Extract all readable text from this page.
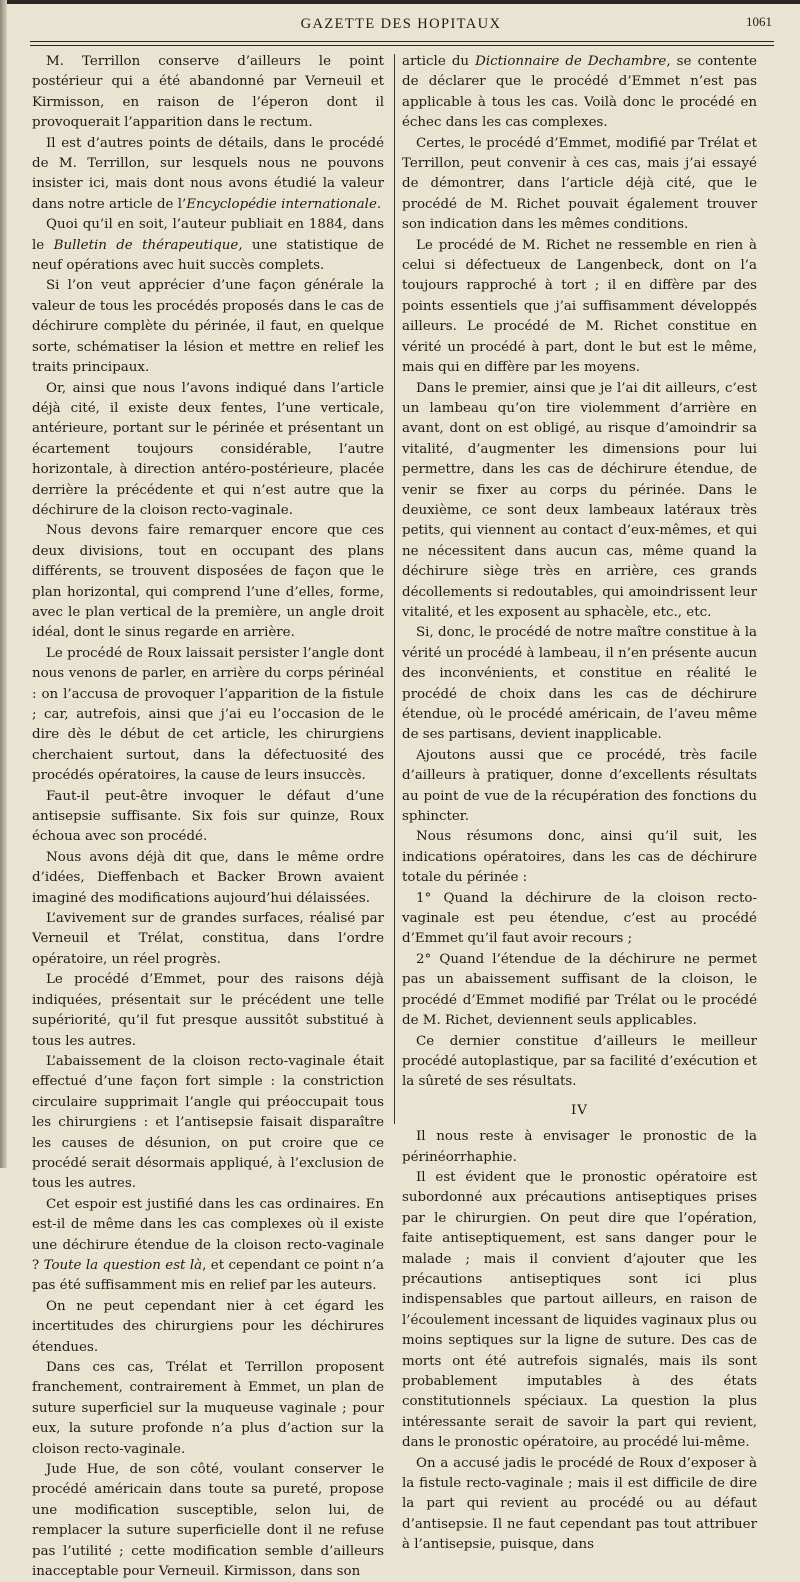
GAZETTE DES HOPITAUX	1061

M. Terrillon conserve d’ailleurs le point postérieur qui a été abandonné par Verneuil et Kirmisson, en raison de l’éperon dont il provoquerait l’apparition dans le rectum.

Il est d’autres points de détails, dans le procédé de M. Terrillon, sur lesquels nous ne pouvons insister ici, mais dont nous avons étudié la valeur dans notre article de l’Encyclopédie internationale.

Quoi qu’il en soit, l’auteur publiait en 1884, dans le Bulletin de thérapeutique, une statistique de neuf opérations avec huit succès complets.

Si l’on veut apprécier d’une façon générale la valeur de tous les procédés proposés dans le cas de déchirure complète du périnée, il faut, en quelque sorte, schématiser la lésion et mettre en relief les traits principaux.

Or, ainsi que nous l’avons indiqué dans l’article déjà cité, il existe deux fentes, l’une verticale, antérieure, portant sur le périnée et présentant un écartement toujours considérable, l’autre horizontale, à direction antéro-postérieure, placée derrière la précédente et qui n’est autre que la déchirure de la cloison recto-vaginale.

Nous devons faire remarquer encore que ces deux divisions, tout en occupant des plans différents, se trouvent disposées de façon que le plan horizontal, qui comprend l’une d’elles, forme, avec le plan vertical de la première, un angle droit idéal, dont le sinus regarde en arrière.

Le procédé de Roux laissait persister l’angle dont nous venons de parler, en arrière du corps périnéal : on l’accusa de provoquer l’apparition de la fistule ; car, autrefois, ainsi que j’ai eu l’occasion de le dire dès le début de cet article, les chirurgiens cherchaient surtout, dans la défectuosité des procédés opératoires, la cause de leurs insuccès.

Faut-il peut-être invoquer le défaut d’une antisepsie suffisante. Six fois sur quinze, Roux échoua avec son procédé.

Nous avons déjà dit que, dans le même ordre d’idées, Dieffenbach et Backer Brown avaient imaginé des modifications aujourd’hui délaissées.

L’avivement sur de grandes surfaces, réalisé par Verneuil et Trélat, constitua, dans l’ordre opératoire, un réel progrès.

Le procédé d’Emmet, pour des raisons déjà indiquées, présentait sur le précédent une telle supériorité, qu’il fut presque aussitôt substitué à tous les autres.

L’abaissement de la cloison recto-vaginale était effectué d’une façon fort simple : la constriction circulaire supprimait l’angle qui préoccupait tous les chirurgiens : et l’antisepsie faisait disparaître les causes de désunion, on put croire que ce procédé serait désormais appliqué, à l’exclusion de tous les autres.

Cet espoir est justifié dans les cas ordinaires. En est-il de même dans les cas complexes où il existe une déchirure étendue de la cloison recto-vaginale ? Toute la question est là, et cependant ce point n’a pas été suffisamment mis en relief par les auteurs.

On ne peut cependant nier à cet égard les incertitudes des chirurgiens pour les déchirures étendues.

Dans ces cas, Trélat et Terrillon proposent franchement, contrairement à Emmet, un plan de suture superficiel sur la muqueuse vaginale ; pour eux, la suture profonde n’a plus d’action sur la cloison recto-vaginale.

Jude Hue, de son côté, voulant conserver le procédé américain dans toute sa pureté, propose une modification susceptible, selon lui, de remplacer la suture superficielle dont il ne refuse pas l’utilité ; cette modification semble d’ailleurs inacceptable pour Verneuil. Kirmisson, dans son

article du Dictionnaire de Dechambre, se contente de déclarer que le procédé d’Emmet n’est pas applicable à tous les cas. Voilà donc le procédé en échec dans les cas complexes.

Certes, le procédé d’Emmet, modifié par Trélat et Terrillon, peut convenir à ces cas, mais j’ai essayé de démontrer, dans l’article déjà cité, que le procédé de M. Richet pouvait également trouver son indication dans les mêmes conditions.

Le procédé de M. Richet ne ressemble en rien à celui si défectueux de Langenbeck, dont on l’a toujours rapproché à tort ; il en diffère par des points essentiels que j’ai suffisamment développés ailleurs. Le procédé de M. Richet constitue en vérité un procédé à part, dont le but est le même, mais qui en diffère par les moyens.

Dans le premier, ainsi que je l’ai dit ailleurs, c’est un lambeau qu’on tire violemment d’arrière en avant, dont on est obligé, au risque d’amoindrir sa vitalité, d’augmenter les dimensions pour lui permettre, dans les cas de déchirure étendue, de venir se fixer au corps du périnée. Dans le deuxième, ce sont deux lambeaux latéraux très petits, qui viennent au contact d’eux-mêmes, et qui ne nécessitent dans aucun cas, même quand la déchirure siège très en arrière, ces grands décollements si redoutables, qui amoindrissent leur vitalité, et les exposent au sphacèle, etc., etc.

Si, donc, le procédé de notre maître constitue à la vérité un procédé à lambeau, il n’en présente aucun des inconvénients, et constitue en réalité le procédé de choix dans les cas de déchirure étendue, où le procédé américain, de l’aveu même de ses partisans, devient inapplicable.

Ajoutons aussi que ce procédé, très facile d’ailleurs à pratiquer, donne d’excellents résultats au point de vue de la récupération des fonctions du sphincter.

Nous résumons donc, ainsi qu’il suit, les indications opératoires, dans les cas de déchirure totale du périnée :

1° Quand la déchirure de la cloison recto-vaginale est peu étendue, c’est au procédé d’Emmet qu’il faut avoir recours ;

2° Quand l’étendue de la déchirure ne permet pas un abaissement suffisant de la cloison, le procédé d’Emmet modifié par Trélat ou le procédé de M. Richet, deviennent seuls applicables.

Ce dernier constitue d’ailleurs le meilleur procédé autoplastique, par sa facilité d’exécution et la sûreté de ses résultats.

IV

Il nous reste à envisager le pronostic de la périnéorrhaphie.

Il est évident que le pronostic opératoire est subordonné aux précautions antiseptiques prises par le chirurgien. On peut dire que l’opération, faite antiseptiquement, est sans danger pour le malade ; mais il convient d’ajouter que les précautions antiseptiques sont ici plus indispensables que partout ailleurs, en raison de l’écoulement incessant de liquides vaginaux plus ou moins septiques sur la ligne de suture. Des cas de morts ont été autrefois signalés, mais ils sont probablement imputables à des états constitutionnels spéciaux. La question la plus intéressante serait de savoir la part qui revient, dans le pronostic opératoire, au procédé lui-même.

On a accusé jadis le procédé de Roux d’exposer à la fistule recto-vaginale ; mais il est difficile de dire la part qui revient au procédé ou au défaut d’antisepsie. Il ne faut cependant pas tout attribuer à l’antisepsie, puisque, dans
